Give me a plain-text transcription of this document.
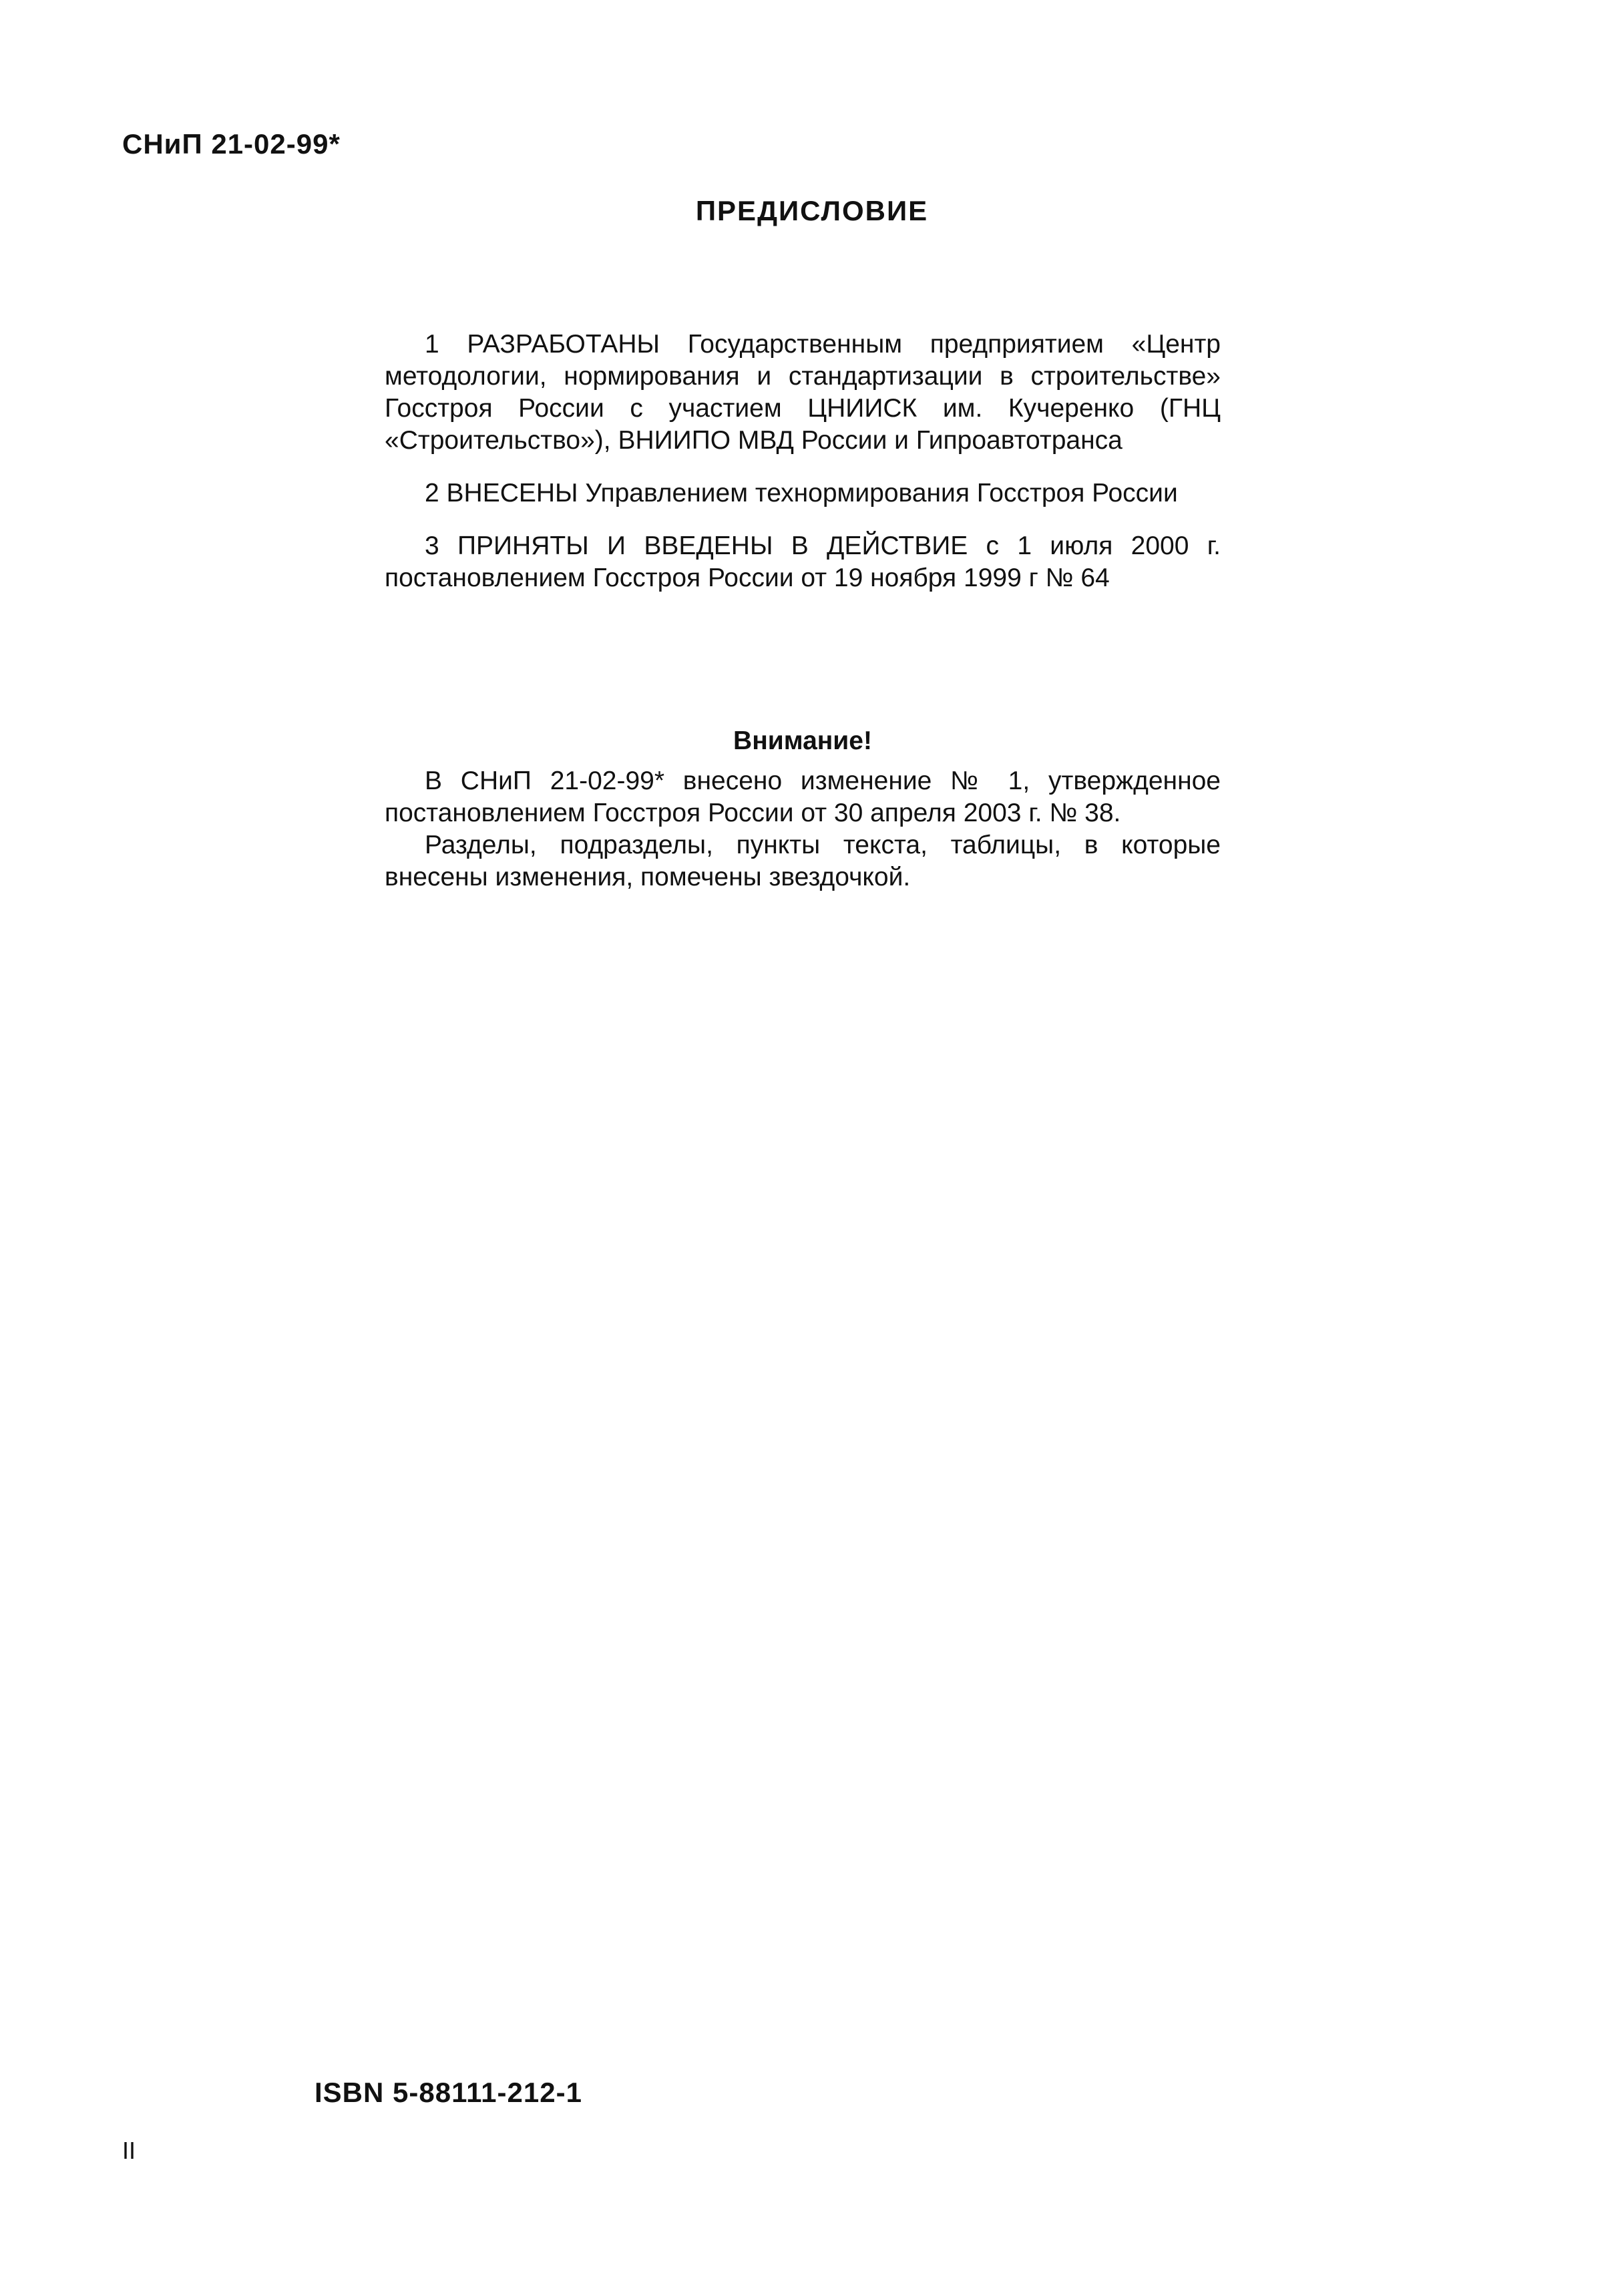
СНиП 21-02-99*
ПРЕДИСЛОВИЕ

1 РАЗРАБОТАНЫ Государственным предприятием «Центр методологии, нормирования и стандартизации в строительстве» Госстроя России с участием ЦНИИСК им. Кучеренко (ГНЦ «Строительство»), ВНИИПО МВД России и Гипроавтотранса

2 ВНЕСЕНЫ Управлением технормирования Госстроя России

3 ПРИНЯТЫ И ВВЕДЕНЫ В ДЕЙСТВИЕ с 1 июля 2000 г. постановлением Госстроя России от 19 ноября 1999 г № 64

Внимание!

В СНиП 21-02-99* внесено изменение № 1, утвержденное постановлением Госстроя России от 30 апреля 2003 г. № 38.

Разделы, подразделы, пункты текста, таблицы, в которые внесены изменения, помечены звездочкой.

ISBN 5-88111-212-1
II
